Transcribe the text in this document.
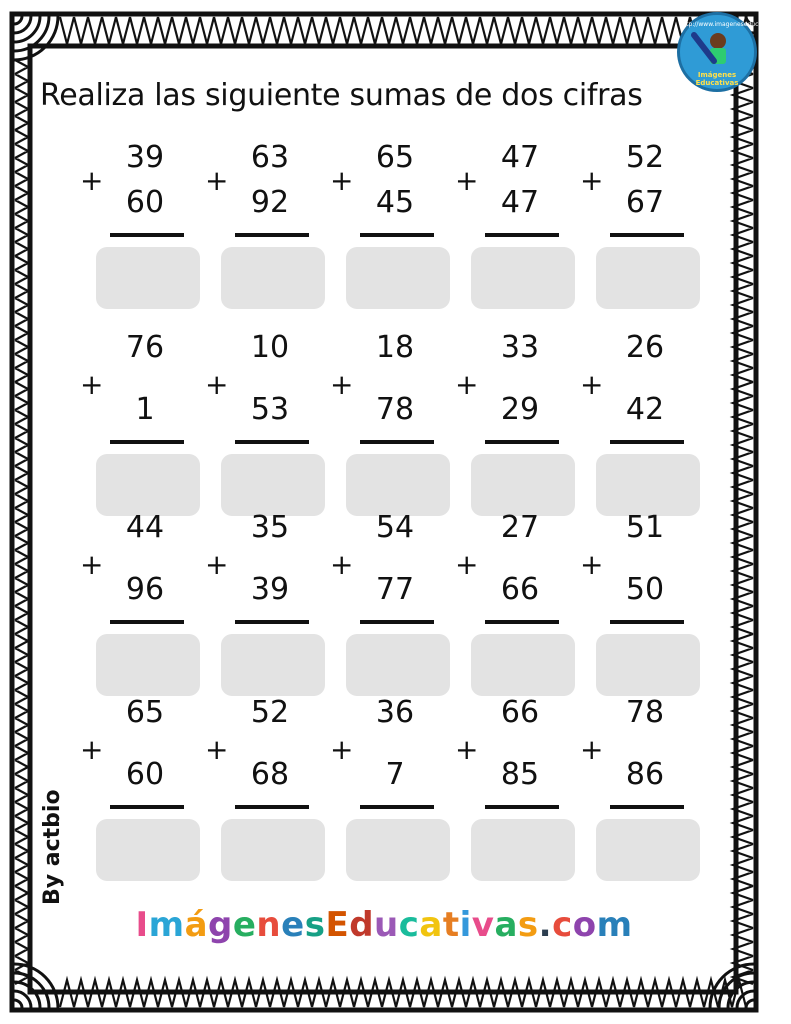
Realiza las siguiente sumas de dos cifras
http://www.imageneseducativas.com
Imágenes Educativas
+
39
60
+
63
92
+
65
45
+
47
47
+
52
67
+
76
1
+
10
53
+
18
78
+
33
29
+
26
42
+
44
96
+
35
39
+
54
77
+
27
66
+
51
50
+
65
60
+
52
68
+
36
7
+
66
85
+
78
86
By actbio
ImágenesEducativas.com
